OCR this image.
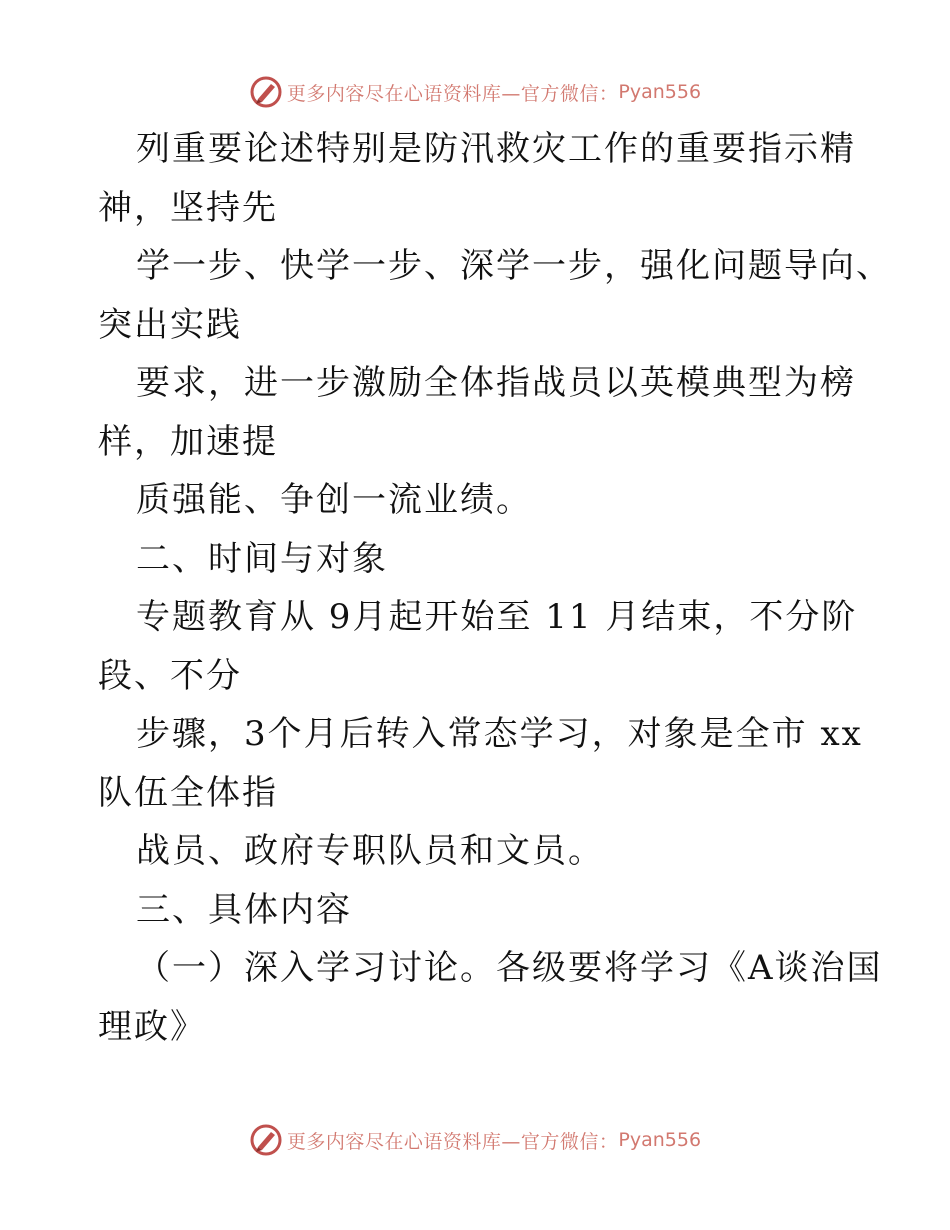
更多内容尽在心语资料库—官方微信： Pyan556
列重要论述特别是防汛救灾工作的重要指示精
神，坚持先
学一步、快学一步、深学一步，强化问题导向、
突出实践
要求，进一步激励全体指战员以英模典型为榜
样，加速提
质强能、争创一流业绩。
二、时间与对象
专题教育从 9月起开始至 11 月结束，不分阶
段、不分
步骤，3个月后转入常态学习，对象是全市 xx
队伍全体指
战员、政府专职队员和文员。
三、具体内容
（一）深入学习讨论。各级要将学习《A谈治国
理政》
更多内容尽在心语资料库—官方微信： Pyan556
